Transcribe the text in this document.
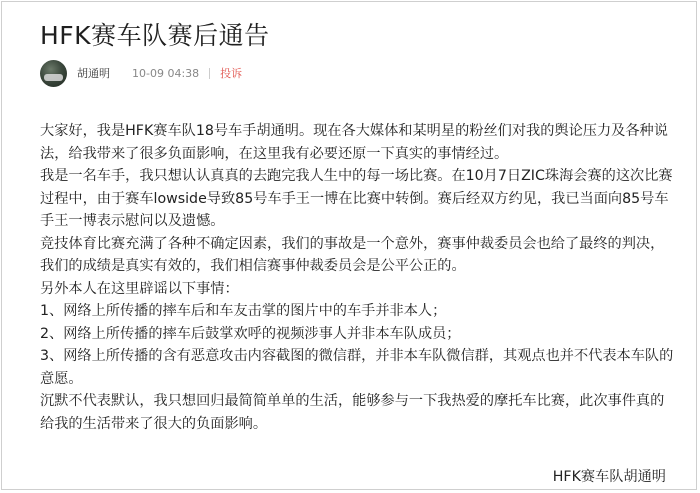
HFK赛车队赛后通告
胡通明 10-09 04:38 投诉

大家好，我是HFK赛车队18号车手胡通明。现在各大媒体和某明星的粉丝们对我的舆论压力及各种说法，给我带来了很多负面影响，在这里我有必要还原一下真实的事情经过。

我是一名车手，我只想认认真真的去跑完我人生中的每一场比赛。在10月7日ZIC珠海会赛的这次比赛过程中，由于赛车lowside导致85号车手王一博在比赛中转倒。赛后经双方约见，我已当面向85号车手王一博表示慰问以及遗憾。

竞技体育比赛充满了各种不确定因素，我们的事故是一个意外，赛事仲裁委员会也给了最终的判决，我们的成绩是真实有效的，我们相信赛事仲裁委员会是公平公正的。

另外本人在这里辟谣以下事情：

1、网络上所传播的摔车后和车友击掌的图片中的车手并非本人；

2、网络上所传播的摔车后鼓掌欢呼的视频涉事人并非本车队成员；

3、网络上所传播的含有恶意攻击内容截图的微信群，并非本车队微信群，其观点也并不代表本车队的意愿。

沉默不代表默认，我只想回归最简简单单的生活，能够参与一下我热爱的摩托车比赛，此次事件真的给我的生活带来了很大的负面影响。

HFK赛车队胡通明
